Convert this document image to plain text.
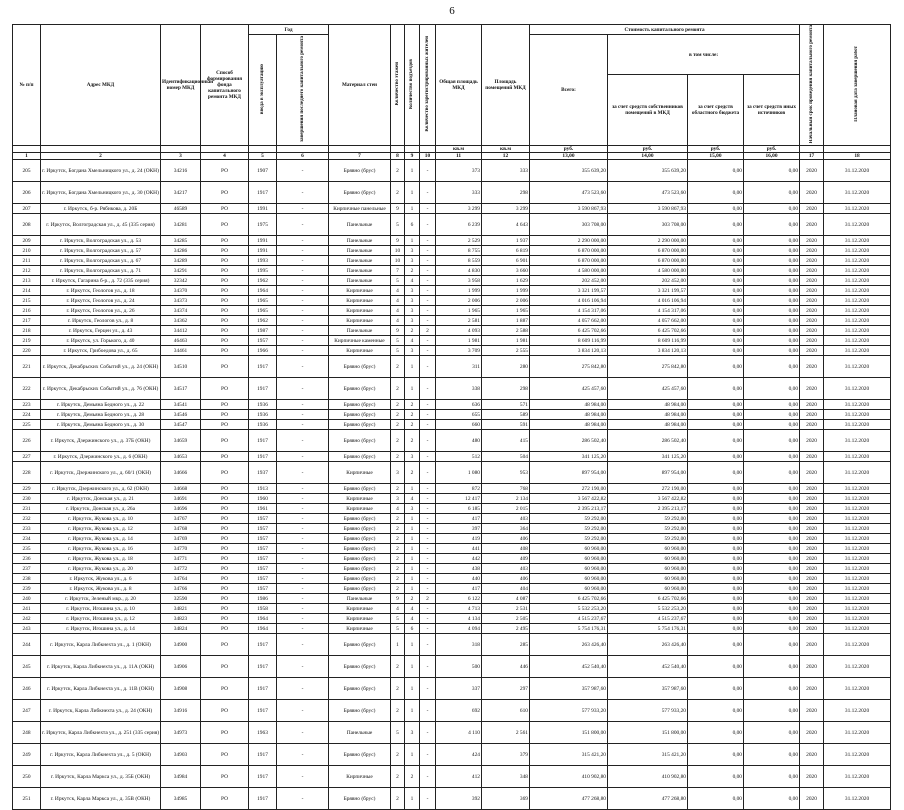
6
№ п/п	Адрес МКД	Идентификационный номер МКД	Способ формирования фонда капитального ремонта МКД	Год		Материал стен	Количество этажей	Количество подъездов	Количество зарегистрированных жителей	Общая площадь МКД	Площадь помещений МКД	Стоимость капитального ремонта				Начальный срок проведения капитального ремонта	Плановая дата завершения работ
				ввода в эксплуатацию	завершения последнего капитального ремонта							Всего:	в том числе:				
													за счет средств собственников помещений в МКД	за счет средств областного бюджета	за счет средств иных источников		
										кв.м	кв.м	руб.	руб.	руб.	руб.		
1	2	3	4	5	6	7	8	9	10	11	12	13,00	14,00	15,00	16,00	17	18
205	г. Иркутск, Богдана Хмельницкого ул., д. 24 (ОКН)	34216	РО	1907	-	Брявно (брус)	2	1	-	373	333	355 639,20	355 639,20	0,00	0,00	2020	31.12.2020
206	г. Иркутск, Богдана Хмельницкого ул., д. 30 (ОКН)	34217	РО	1917	-	Брявно (брус)	2	1	-	333	298	473 523,60	473 523,60	0,00	0,00	2020	31.12.2020
207	г. Иркутск, б-р. Рябикова, д. 20Б	46589	РО	1991	-	Кирпичные панельные	9	1	-	3 299	3 299	3 590 867,93	3 590 867,93	0,00	0,00	2020	31.12.2020
208	г. Иркутск, Волгоградская ул., д. 45 (335 серия)	34281	РО	1975	-	Панельные	5	6	-	6 239	4 643	303 708,00	303 708,00	0,00	0,00	2020	31.12.2020
209	г. Иркутск, Волгоградская ул., д. 53	34285	РО	1991	-	Панельные	9	1	-	2 529	1 937	2 290 000,00	2 290 000,00	0,00	0,00	2020	31.12.2020
210	г. Иркутск, Волгоградская ул., д. 57	34286	РО	1991	-	Панельные	10	3	-	8 755	6 819	6 870 000,00	6 870 000,00	0,00	0,00	2020	31.12.2020
211	г. Иркутск, Волгоградская ул., д. 67	34289	РО	1993	-	Панельные	10	3	-	8 559	6 901	6 870 000,00	6 870 000,00	0,00	0,00	2020	31.12.2020
212	г. Иркутск, Волгоградская ул., д. 71	34291	РО	1995	-	Панельные	7	2	-	4 830	3 660	4 580 000,00	4 580 000,00	0,00	0,00	2020	31.12.2020
213	г. Иркутск, Гагарина б-р., д. 72 (335 серия)	32342	РО	1962	-	Панельные	5	4	-	3 958	1 629	202 452,00	202 452,00	0,00	0,00	2020	31.12.2020
214	г. Иркутск, Геологов ул., д. 18	34370	РО	1964	-	Кирпичные	4	3	-	1 999	1 999	3 321 199,57	3 321 199,57	0,00	0,00	2020	31.12.2020
215	г. Иркутск, Геологов ул., д. 24	34373	РО	1965	-	Кирпичные	4	3	-	2 006	2 006	4 016 106,94	4 016 106,94	0,00	0,00	2020	31.12.2020
216	г. Иркутск, Геологов ул., д. 26	34374	РО	1965	-	Кирпичные	4	3	-	1 965	1 965	4 154 317,06	4 154 317,06	0,00	0,00	2020	31.12.2020
217	г. Иркутск, Геологов ул., д. 8	34362	РО	1962	-	Кирпичные	4	3	-	2 581	1 887	4 057 662,00	4 057 662,00	0,00	0,00	2020	31.12.2020
218	г. Иркутск, Герцен ул., д. 43	34412	РО	1987	-	Панельные	9	2	2	4 093	2 588	6 425 702,66	6 425 702,66	0,00	0,00	2020	31.12.2020
219	г. Иркутск, ул. Горького, д. 40	46463	РО	1957	-	Кирпичные каменные	5	4	-	1 981	1 981	8 609 116,99	8 609 116,99	0,00	0,00	2020	31.12.2020
220	г. Иркутск, Грибоедова ул., д. 65	34461	РО	1966	-	Кирпичные	5	3	-	3 709	2 555	3 834 120,13	3 834 120,13	0,00	0,00	2020	31.12.2020
221	г. Иркутск, Декабрьских Событий ул., д. 24 (ОКН)	34510	РО	1917	-	Брявно (брус)	2	1	-	311	280	275 842,80	275 842,80	0,00	0,00	2020	31.12.2020
222	г. Иркутск, Декабрьских Событий ул., д. 76 (ОКН)	34517	РО	1917	-	Брявно (брус)	2	1	-	338	298	425 457,60	425 457,60	0,00	0,00	2020	31.12.2020
223	г. Иркутск, Демьяна Бедного ул., д. 22	34541	РО	1936	-	Брявно (брус)	2	2	-	636	571	48 984,00	48 984,00	0,00	0,00	2020	31.12.2020
224	г. Иркутск, Демьяна Бедного ул., д. 28	34546	РО	1936	-	Брявно (брус)	2	2	-	655	589	48 984,00	48 984,00	0,00	0,00	2020	31.12.2020
225	г. Иркутск, Демьяна Бедного ул., д. 30	34547	РО	1936	-	Брявно (брус)	2	2	-	660	591	48 984,00	48 984,00	0,00	0,00	2020	31.12.2020
226	г. Иркутск, Дзержинского ул., д. 37Б (ОКН)	34659	РО	1917	-	Брявно (брус)	2	2	-	480	415	286 502,40	286 502,40	0,00	0,00	2020	31.12.2020
227	г. Иркутск, Дзержинского ул., д. 6 (ОКН)	34653	РО	1917	-	Брявно (брус)	2	3	-	512	504	341 125,20	341 125,20	0,00	0,00	2020	31.12.2020
228	г. Иркутск, Дзержинского ул., д. 60/1 (ОКН)	34666	РО	1937	-	Кирпичные	3	2	-	1 080	953	897 954,00	897 954,00	0,00	0,00	2020	31.12.2020
229	г. Иркутск, Дзержинского ул., д. 62 (ОКН)	34668	РО	1913	-	Брявно (брус)	2	1	-	872	768	272 190,00	272 190,00	0,00	0,00	2020	31.12.2020
230	г. Иркутск, Донская ул., д. 21	34691	РО	1960	-	Кирпичные	3	4	-	12 417	2 134	3 567 422,82	3 567 422,82	0,00	0,00	2020	31.12.2020
231	г. Иркутск, Донская ул., д. 26а	34696	РО	1961	-	Кирпичные	4	3	-	6 185	2 015	2 395 213,17	2 395 213,17	0,00	0,00	2020	31.12.2020
232	г. Иркутск, Жукова ул., д. 10	34767	РО	1957	-	Брявно (брус)	2	1	-	417	403	59 292,00	59 292,00	0,00	0,00	2020	31.12.2020
233	г. Иркутск, Жукова ул., д. 12	34768	РО	1957	-	Брявно (брус)	2	1	-	397	364	59 292,00	59 292,00	0,00	0,00	2020	31.12.2020
234	г. Иркутск, Жукова ул., д. 14	34769	РО	1957	-	Брявно (брус)	2	1	-	419	406	59 292,00	59 292,00	0,00	0,00	2020	31.12.2020
235	г. Иркутск, Жукова ул., д. 16	34770	РО	1957	-	Брявно (брус)	2	1	-	441	408	60 960,00	60 960,00	0,00	0,00	2020	31.12.2020
236	г. Иркутск, Жукова ул., д. 18	34771	РО	1957	-	Брявно (брус)	2	1	-	442	409	60 960,00	60 960,00	0,00	0,00	2020	31.12.2020
237	г. Иркутск, Жукова ул., д. 20	34772	РО	1957	-	Брявно (брус)	2	1	-	438	403	60 960,00	60 960,00	0,00	0,00	2020	31.12.2020
238	г. Иркутск, Жукова ул., д. 6	34764	РО	1957	-	Брявно (брус)	2	1	-	440	406	60 960,00	60 960,00	0,00	0,00	2020	31.12.2020
239	г. Иркутск, Жукова ул., д. 8	34766	РО	1957	-	Брявно (брус)	2	1	-	417	404	60 960,00	60 960,00	0,00	0,00	2020	31.12.2020
240	г. Иркутск, Зеленый мкр., д. 20	32590	РО	1986	-	Панельные	9	2	2	6 122	4 087	6 425 702,66	6 425 702,66	0,00	0,00	2020	31.12.2020
241	г. Иркутск, Игошина ул., д. 10	34821	РО	1958	-	Кирпичные	4	4	-	4 713	2 531	5 532 253,20	5 532 253,20	0,00	0,00	2020	31.12.2020
242	г. Иркутск, Игошина ул., д. 12	34823	РО	1964	-	Кирпичные	5	4	-	4 134	2 505	4 515 237,67	4 515 237,67	0,00	0,00	2020	31.12.2020
243	г. Иркутск, Игошина ул., д. 14	34824	РО	1964	-	Кирпичные	5	6	-	4 094	2 495	5 754 176,31	5 754 176,31	0,00	0,00	2020	31.12.2020
244	г. Иркутск, Карла Либкнехта ул., д. 1 (ОКН)	34900	РО	1917	-	Брявно (брус)	1	1	-	318	285	263 426,40	263 426,40	0,00	0,00	2020	31.12.2020
245	г. Иркутск, Карла Либкнехта ул., д. 11А (ОКН)	34906	РО	1917	-	Брявно (брус)	2	1	-	500	446	452 540,40	452 540,40	0,00	0,00	2020	31.12.2020
246	г. Иркутск, Карла Либкнехта ул., д. 11В (ОКН)	34908	РО	1917	-	Брявно (брус)	2	1	-	337	297	357 987,60	357 987,60	0,00	0,00	2020	31.12.2020
247	г. Иркутск, Карла Либкнехта ул., д. 24 (ОКН)	34916	РО	1917	-	Брявно (брус)	2	1	-	692	610	577 933,20	577 933,20	0,00	0,00	2020	31.12.2020
248	г. Иркутск, Карла Либкнехта ул., д. 251 (335 серия)	34973	РО	1963	-	Панельные	5	3	-	4 110	2 561	151 800,00	151 800,00	0,00	0,00	2020	31.12.2020
249	г. Иркутск, Карла Либкнехта ул., д. 5 (ОКН)	34903	РО	1917	-	Брявно (брус)	2	1	-	424	379	315 421,20	315 421,20	0,00	0,00	2020	31.12.2020
250	г. Иркутск, Карла Маркса ул., д. 35Б (ОКН)	34984	РО	1917	-	Кирпичные	2	2	-	412	348	410 902,80	410 902,80	0,00	0,00	2020	31.12.2020
251	г. Иркутск, Карла Маркса ул., д. 35В (ОКН)	34985	РО	1917	-	Брявно (брус)	2	1	-	392	369	477 268,80	477 268,80	0,00	0,00	2020	31.12.2020
